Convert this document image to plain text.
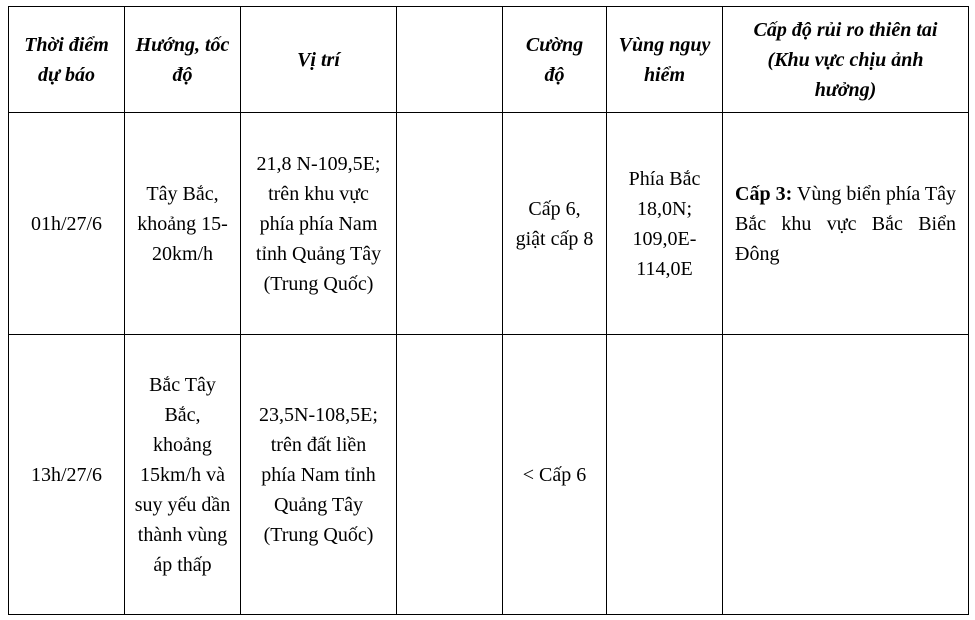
Thời điểm dự báo	Hướng, tốc độ	Vị trí		Cường độ	Vùng nguy hiểm	Cấp độ rủi ro thiên tai (Khu vực chịu ảnh hưởng)
01h/27/6	Tây Bắc, khoảng 15-20km/h	21,8 N-109,5E; trên khu vực phía phía Nam tỉnh Quảng Tây (Trung Quốc)		Cấp 6, giật cấp 8	Phía Bắc 18,0N; 109,0E-114,0E	Cấp 3: Vùng biển phía Tây Bắc khu vực Bắc Biển Đông
13h/27/6	Bắc Tây Bắc, khoảng 15km/h và suy yếu dần thành vùng áp thấp	23,5N-108,5E; trên đất liền phía Nam tỉnh Quảng Tây (Trung Quốc)		< Cấp 6		
